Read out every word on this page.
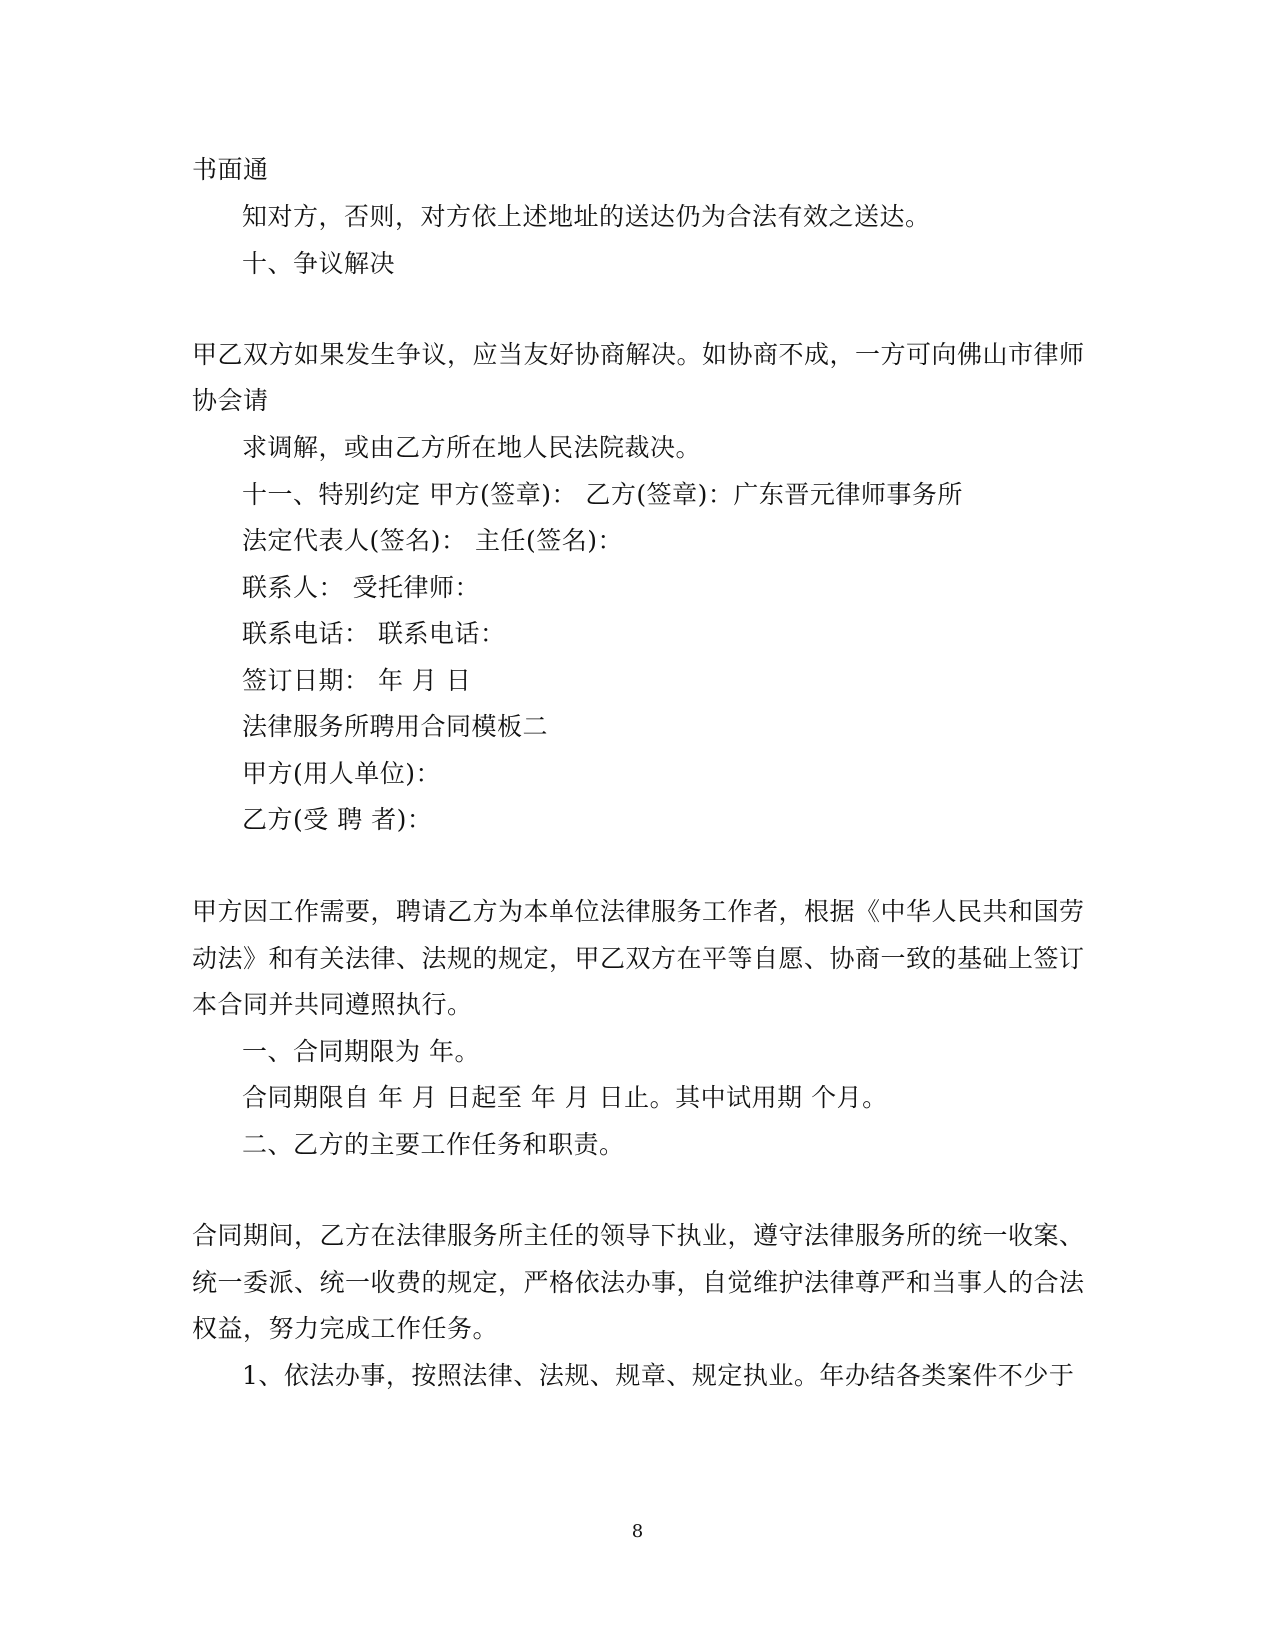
书面通
知对方，否则，对方依上述地址的送达仍为合法有效之送达。
十、争议解决
甲乙双方如果发生争议，应当友好协商解决。如协商不成，一方可向佛山市律师
协会请
求调解，或由乙方所在地人民法院裁决。
十一、特别约定 甲方(签章)： 乙方(签章)：广东晋元律师事务所
法定代表人(签名)： 主任(签名)：
联系人： 受托律师：
联系电话： 联系电话：
签订日期： 年 月 日
法律服务所聘用合同模板二
甲方(用人单位)：
乙方(受 聘 者)：
甲方因工作需要，聘请乙方为本单位法律服务工作者，根据《中华人民共和国劳
动法》和有关法律、法规的规定，甲乙双方在平等自愿、协商一致的基础上签订
本合同并共同遵照执行。
一、合同期限为 年。
合同期限自 年 月 日起至 年 月 日止。其中试用期 个月。
二、乙方的主要工作任务和职责。
合同期间，乙方在法律服务所主任的领导下执业，遵守法律服务所的统一收案、
统一委派、统一收费的规定，严格依法办事，自觉维护法律尊严和当事人的合法
权益，努力完成工作任务。
1、依法办事，按照法律、法规、规章、规定执业。年办结各类案件不少于
8
